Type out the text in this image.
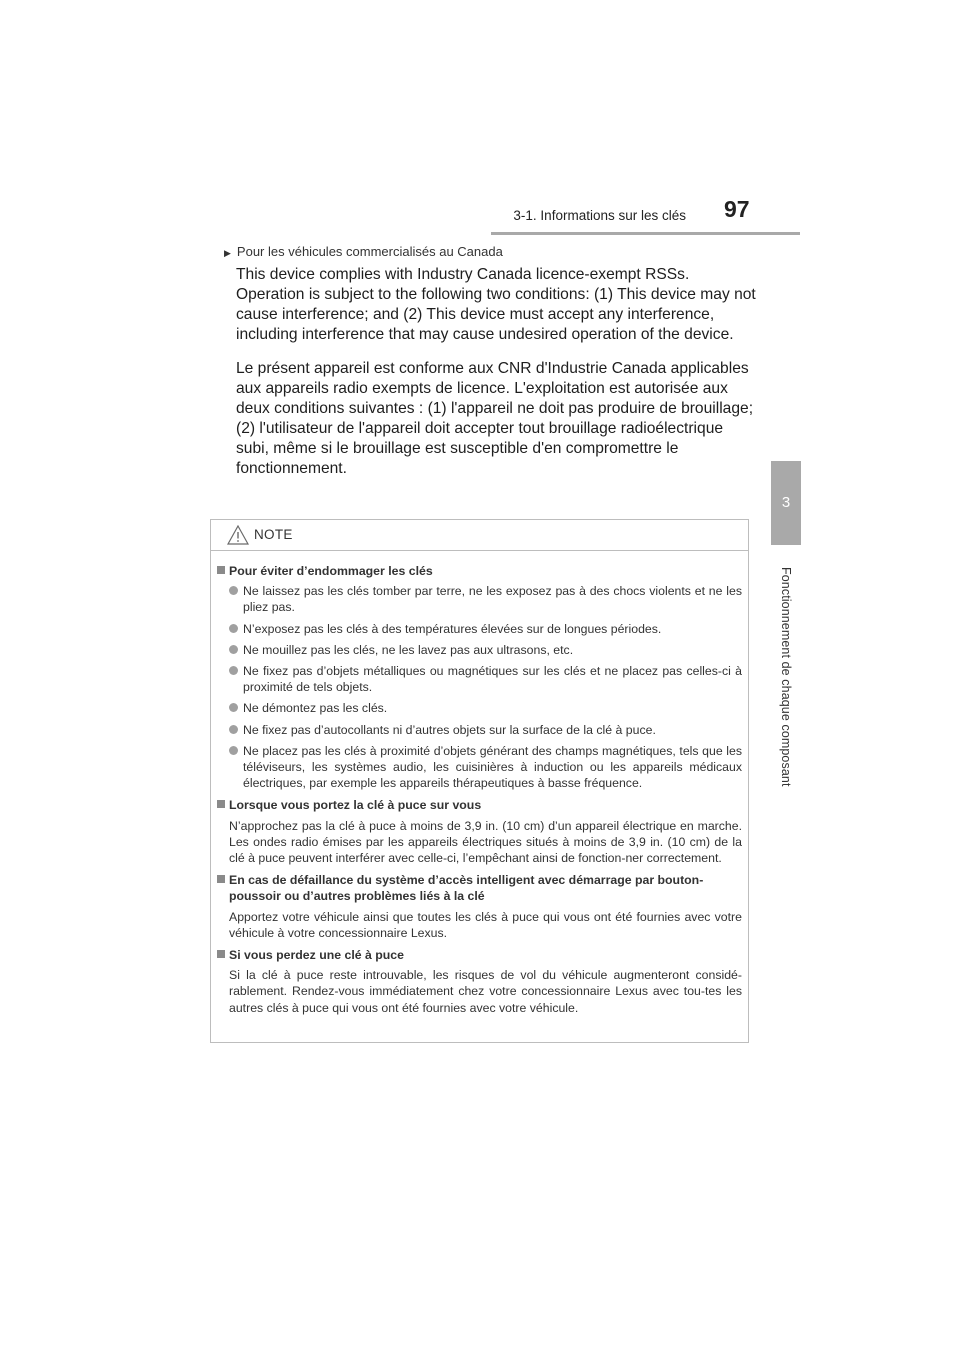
3-1. Informations sur les clés 97
3
Fonctionnement de chaque composant
▶ Pour les véhicules commercialisés au Canada

This device complies with Industry Canada licence-exempt RSSs. Operation is subject to the following two conditions: (1) This device may not cause interference; and (2) This device must accept any interference, including interference that may cause undesired operation of the device.

Le présent appareil est conforme aux CNR d'Industrie Canada applicables aux appareils radio exempts de licence. L'exploitation est autorisée aux deux conditions suivantes : (1) l'appareil ne doit pas produire de brouillage; (2) l'utilisateur de l'appareil doit accepter tout brouillage radioélectrique subi, même si le brouillage est susceptible d'en compromettre le fonctionnement.

NOTE
Pour éviter d’endommager les clés
Ne laissez pas les clés tomber par terre, ne les exposez pas à des chocs violents et ne les pliez pas.
N’exposez pas les clés à des températures élevées sur de longues périodes.
Ne mouillez pas les clés, ne les lavez pas aux ultrasons, etc.
Ne fixez pas d’objets métalliques ou magnétiques sur les clés et ne placez pas celles-ci à proximité de tels objets.
Ne démontez pas les clés.
Ne fixez pas d’autocollants ni d’autres objets sur la surface de la clé à puce.
Ne placez pas les clés à proximité d’objets générant des champs magnétiques, tels que les téléviseurs, les systèmes audio, les cuisinières à induction ou les appareils médicaux électriques, par exemple les appareils thérapeutiques à basse fréquence.
Lorsque vous portez la clé à puce sur vous
N’approchez pas la clé à puce à moins de 3,9 in. (10 cm) d’un appareil électrique en marche. Les ondes radio émises par les appareils électriques situés à moins de 3,9 in. (10 cm) de la clé à puce peuvent interférer avec celle-ci, l’empêchant ainsi de fonction-ner correctement.
En cas de défaillance du système d’accès intelligent avec démarrage par bouton-poussoir ou d’autres problèmes liés à la clé
Apportez votre véhicule ainsi que toutes les clés à puce qui vous ont été fournies avec votre véhicule à votre concessionnaire Lexus.
Si vous perdez une clé à puce
Si la clé à puce reste introuvable, les risques de vol du véhicule augmenteront considé-rablement. Rendez-vous immédiatement chez votre concessionnaire Lexus avec tou-tes les autres clés à puce qui vous ont été fournies avec votre véhicule.
